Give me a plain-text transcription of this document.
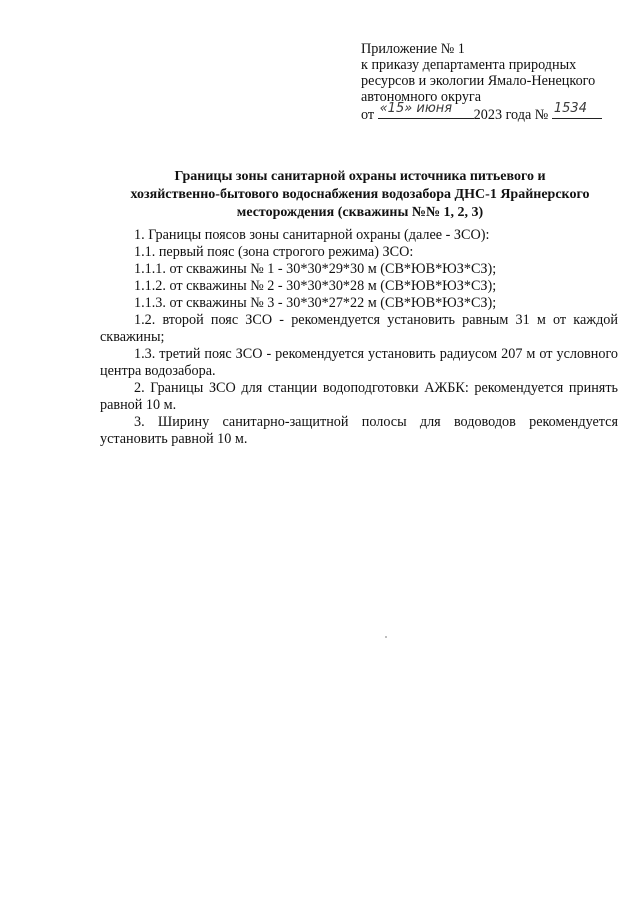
Приложение № 1
к приказу департамента природных
ресурсов и экологии Ямало-Ненецкого
автономного округа
от «15» июня 2023 года № 1534
Границы зоны санитарной охраны источника питьевого и
хозяйственно-бытового водоснабжения водозабора ДНС-1 Ярайнерского
месторождения (скважины №№ 1, 2, 3)

1. Границы поясов зоны санитарной охраны (далее - ЗСО):

1.1. первый пояс (зона строгого режима) ЗСО:

1.1.1. от скважины № 1 - 30*30*29*30 м (СВ*ЮВ*ЮЗ*СЗ);

1.1.2. от скважины № 2 - 30*30*30*28 м (СВ*ЮВ*ЮЗ*СЗ);

1.1.3. от скважины № 3 - 30*30*27*22 м (СВ*ЮВ*ЮЗ*СЗ);

1.2. второй пояс ЗСО - рекомендуется установить равным 31 м от каждой скважины;

1.3. третий пояс ЗСО - рекомендуется установить радиусом 207 м от условного центра водозабора.

2. Границы ЗСО для станции водоподготовки АЖБК: рекомендуется принять равной 10 м.

3. Ширину санитарно-защитной полосы для водоводов рекомендуется установить равной 10 м.
